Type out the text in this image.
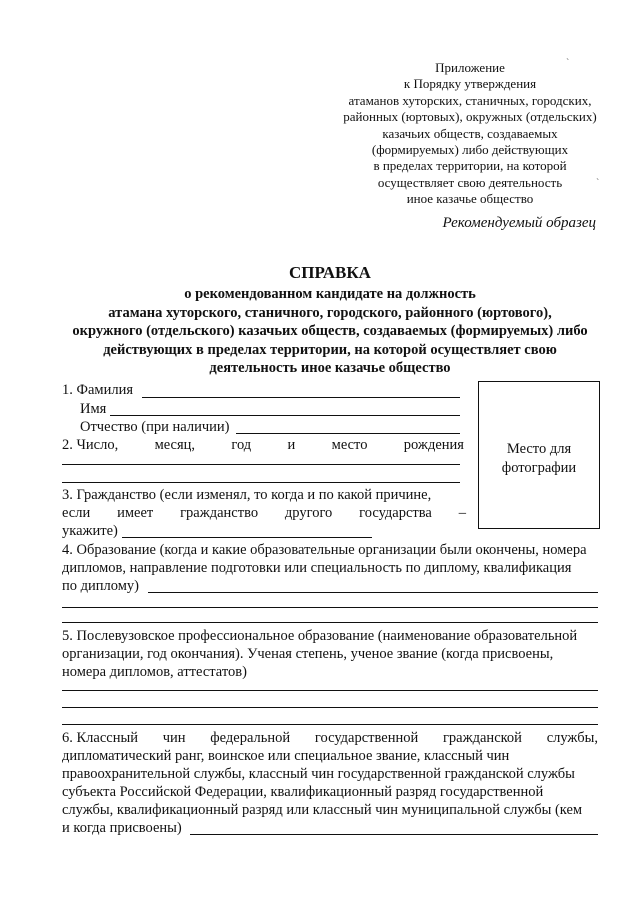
ˋ
ˋ
Приложение
к Порядку утверждения
атаманов хуторских, станичных, городских,
районных (юртовых), окружных (отдельских)
казачьих обществ, создаваемых
(формируемых) либо действующих
в пределах территории, на которой
осуществляет свою деятельность
иное казачье общество
Рекомендуемый образец
СПРАВКА
о рекомендованном кандидате на должность
атамана хуторского, станичного, городского, районного (юртового),
окружного (отдельского) казачьих обществ, создаваемых (формируемых) либо
действующих в пределах территории, на которой осуществляет свою
деятельность иное казачье общество
Место для
фотографии
1. Фамилия
Имя
Отчество (при наличии)
2. Число,	месяц,	год	и	место	рождения
3. Гражданство (если изменял, то когда и по какой причине,
если имеет гражданство другого государства –
укажите)
4. Образование (когда и какие образовательные организации были окончены, номера
дипломов, направление подготовки или специальность по диплому, квалификация
по диплому)
5. Послевузовское профессиональное образование (наименование образовательной
организации, год окончания). Ученая степень, ученое звание (когда присвоены,
номера дипломов, аттестатов)
6. Классный чин федеральной государственной гражданской службы,
дипломатический ранг, воинское или специальное звание, классный чин
правоохранительной службы, классный чин государственной гражданской службы
субъекта Российской Федерации, квалификационный разряд государственной
службы, квалификационный разряд или классный чин муниципальной службы (кем
и когда присвоены)
